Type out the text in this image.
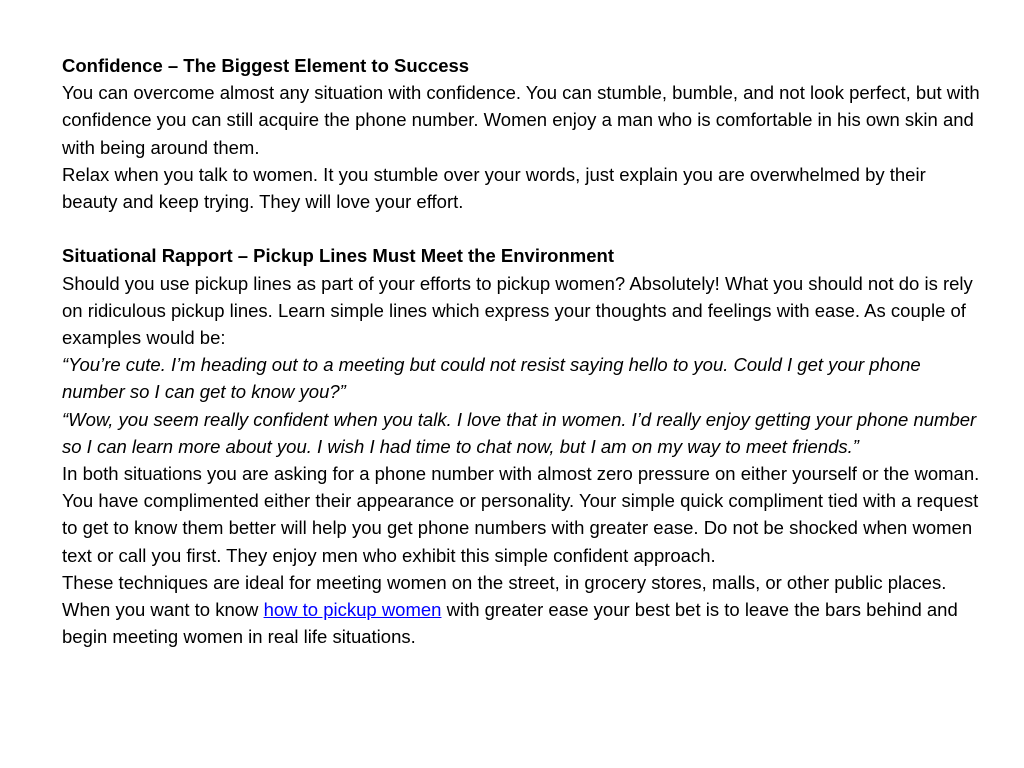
Confidence – The Biggest Element to Success

You can overcome almost any situation with confidence. You can stumble, bumble, and not look perfect, but with confidence you can still acquire the phone number. Women enjoy a man who is comfortable in his own skin and with being around them.

Relax when you talk to women. It you stumble over your words, just explain you are overwhelmed by their beauty and keep trying. They will love your effort.

Situational Rapport – Pickup Lines Must Meet the Environment

Should you use pickup lines as part of your efforts to pickup women? Absolutely! What you should not do is rely on ridiculous pickup lines. Learn simple lines which express your thoughts and feelings with ease. As couple of examples would be:

“You’re cute. I’m heading out to a meeting but could not resist saying hello to you. Could I get your phone number so I can get to know you?”

“Wow, you seem really confident when you talk. I love that in women. I’d really enjoy getting your phone number so I can learn more about you. I wish I had time to chat now, but I am on my way to meet friends.”

In both situations you are asking for a phone number with almost zero pressure on either yourself or the woman. You have complimented either their appearance or personality. Your simple quick compliment tied with a request to get to know them better will help you get phone numbers with greater ease. Do not be shocked when women text or call you first. They enjoy men who exhibit this simple confident approach.

These techniques are ideal for meeting women on the street, in grocery stores, malls, or other public places. When you want to know how to pickup women with greater ease your best bet is to leave the bars behind and begin meeting women in real life situations.
